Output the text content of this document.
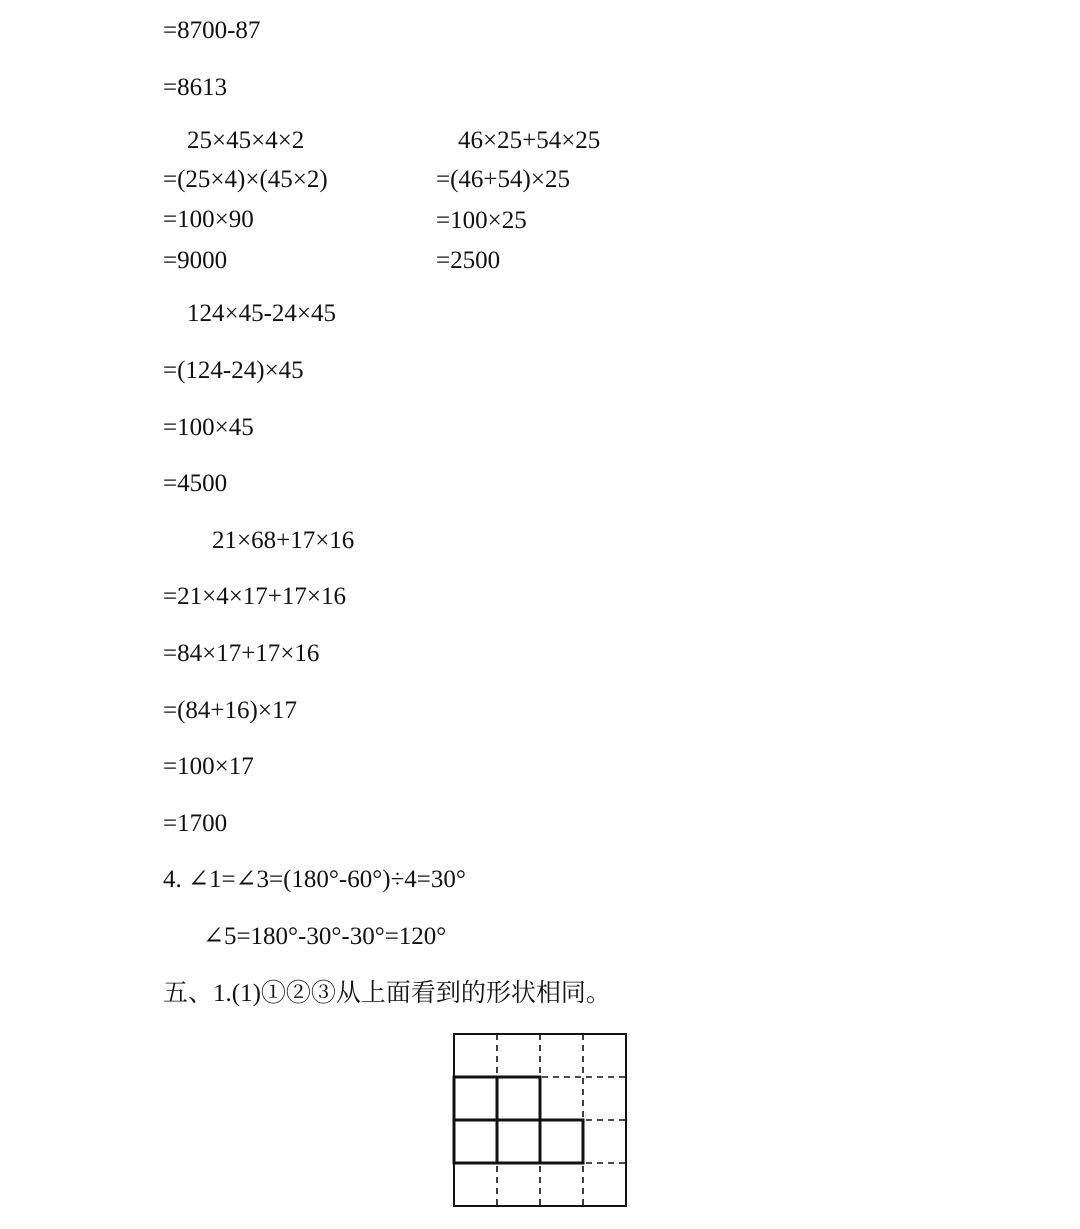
=8700-87
=8613
25×45×4×2
=(25×4)×(45×2)
=100×90
=9000
46×25+54×25
=(46+54)×25
=100×25
=2500
124×45-24×45
=(124-24)×45
=100×45
=4500
21×68+17×16
=21×4×17+17×16
=84×17+17×16
=(84+16)×17
=100×17
=1700
4. ∠1=∠3=(180°-60°)÷4=30°
∠5=180°-30°-30°=120°
五、1.(1)①②③从上面看到的形状相同。
